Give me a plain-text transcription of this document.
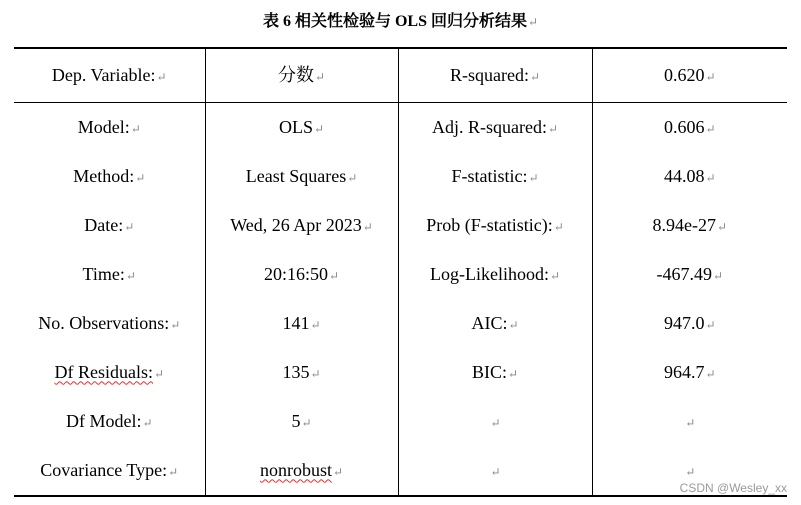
表 6 相关性检验与 OLS 回归分析结果↵
Dep. Variable:↵	分数↵	R-squared:↵	0.620↵
Model:↵	OLS↵	Adj. R-squared:↵	0.606↵
Method:↵	Least Squares↵	F-statistic:↵	44.08↵
Date:↵	Wed, 26 Apr 2023↵	Prob (F-statistic):↵	8.94e-27↵
Time:↵	20:16:50↵	Log-Likelihood:↵	-467.49↵
No. Observations:↵	141↵	AIC:↵	947.0↵
Df Residuals:↵	135↵	BIC:↵	964.7↵
Df Model:↵	5↵	↵	↵
Covariance Type:↵	nonrobust↵	↵	↵
CSDN @Wesley_xx
